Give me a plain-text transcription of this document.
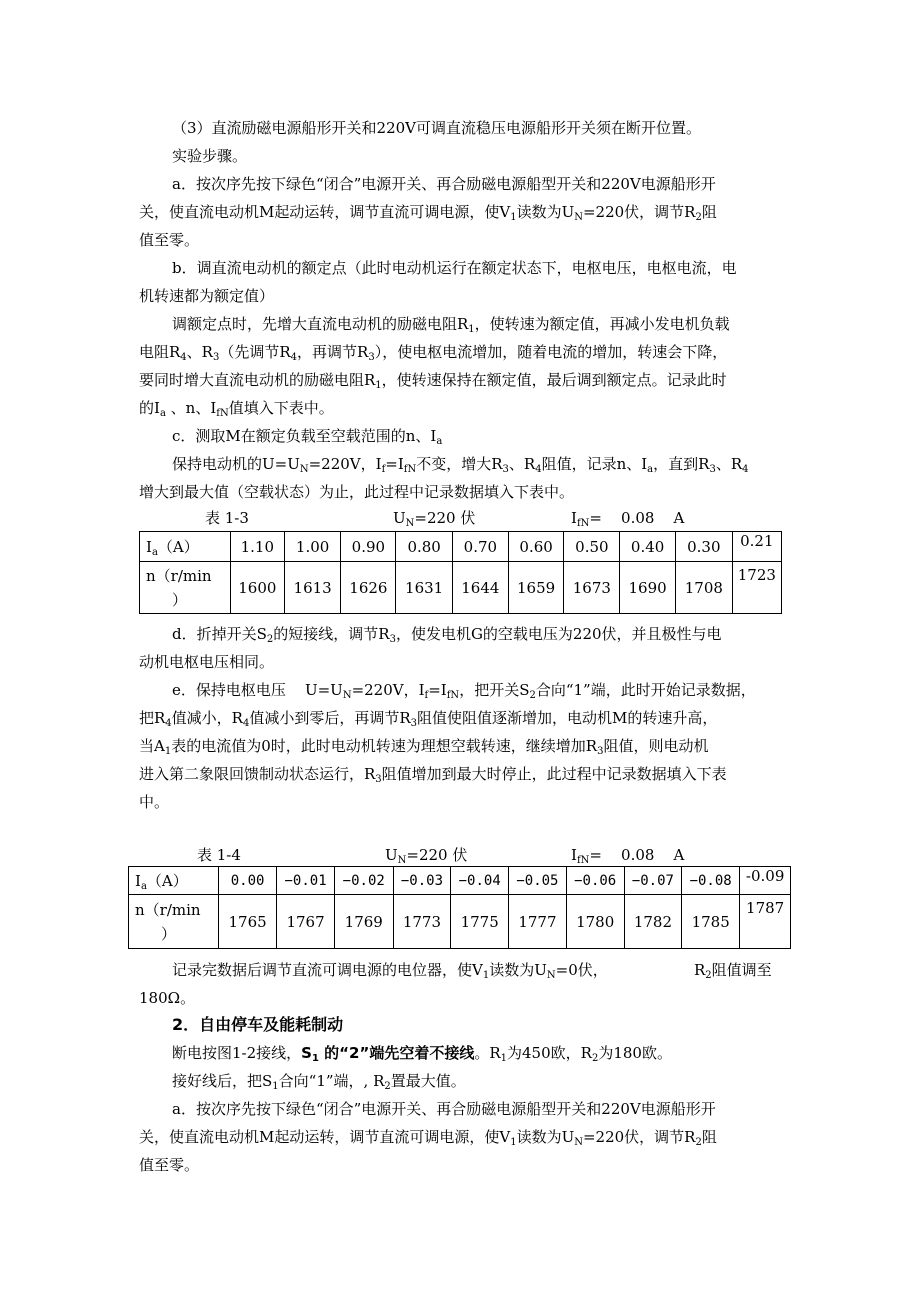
（3）直流励磁电源船形开关和220V可调直流稳压电源船形开关须在断开位置。
实验步骤。
a．按次序先按下绿色“闭合”电源开关、再合励磁电源船型开关和220V电源船形开
关，使直流电动机M起动运转，调节直流可调电源，使$V_1$读数为$U_N=220$伏，调节$R_2$阻
值至零。
b．调直流电动机的额定点（此时电动机运行在额定状态下，电枢电压，电枢电流，电
机转速都为额定值）
调额定点时，先增大直流电动机的励磁电阻$R_1$，使转速为额定值，再减小发电机负载
电阻$R_4$、$R_3$（先调节$R_4$，再调节$R_3$），使电枢电流增加，随着电流的增加，转速会下降，
要同时增大直流电动机的励磁电阻$R_1$，使转速保持在额定值，最后调到额定点。记录此时
的$I_a$ 、n、$I_{fN}$值填入下表中。
c．测取M在额定负载至空载范围的n、$I_a$
保持电动机的$U=U_N=220V$，$I_f=I_{fN}$不变，增大$R_3$、$R_4$阻值，记录n、$I_a$，直到$R_3$、$R_4$
增大到最大值（空载状态）为止，此过程中记录数据填入下表中。
表 1-3	$U_N=220$ 伏	$I_{fN}=$    0.08    A
$I_a(A)$	1.10	1.00	0.90	0.80	0.70	0.60	0.50	0.40	0.30	0.21

n（r/min
）	1600	1613	1626	1631	1644	1659	1673	1690	1708	1723
d．折掉开关$S_2$的短接线，调节$R_3$，使发电机G的空载电压为220伏，并且极性与电
动机电枢电压相同。
e．保持电枢电压    $U=U_N=220V$，$I_f=I_{fN}$，把开关$S_2$合向“1”端，此时开始记录数据，
把$R_4$值减小，$R_4$值减小到零后，再调节$R_3$阻值使阻值逐渐增加，电动机M的转速升高，
当$A_1$表的电流值为0时，此时电动机转速为理想空载转速，继续增加$R_3$阻值，则电动机
进入第二象限回馈制动状态运行，$R_3$阻值增加到最大时停止，此过程中记录数据填入下表
中。
表 1-4	$U_N=220$ 伏	$I_{fN}=$    0.08    A
$I_a(A)$	0.00	−0.01	−0.02	−0.03	−0.04	−0.05	−0.06	−0.07	−0.08	-0.09

n（r/min
）	1765	1767	1769	1773	1775	1777	1780	1782	1785	1787
记录完数据后调节直流可调电源的电位器，使$V_1$读数为$U_N=0$伏，	$R_2$阻值调至
180Ω。
2．自由停车及能耗制动
断电按图1-2接线，$S_1$ 的“2”端先空着不接线。$R_1$为450欧，$R_2$为180欧。
接好线后，把$S_1$合向“1”端，, $R_2$置最大值。
a．按次序先按下绿色“闭合”电源开关、再合励磁电源船型开关和220V电源船形开
关，使直流电动机M起动运转，调节直流可调电源，使$V_1$读数为$U_N=220$伏，调节$R_2$阻
值至零。
